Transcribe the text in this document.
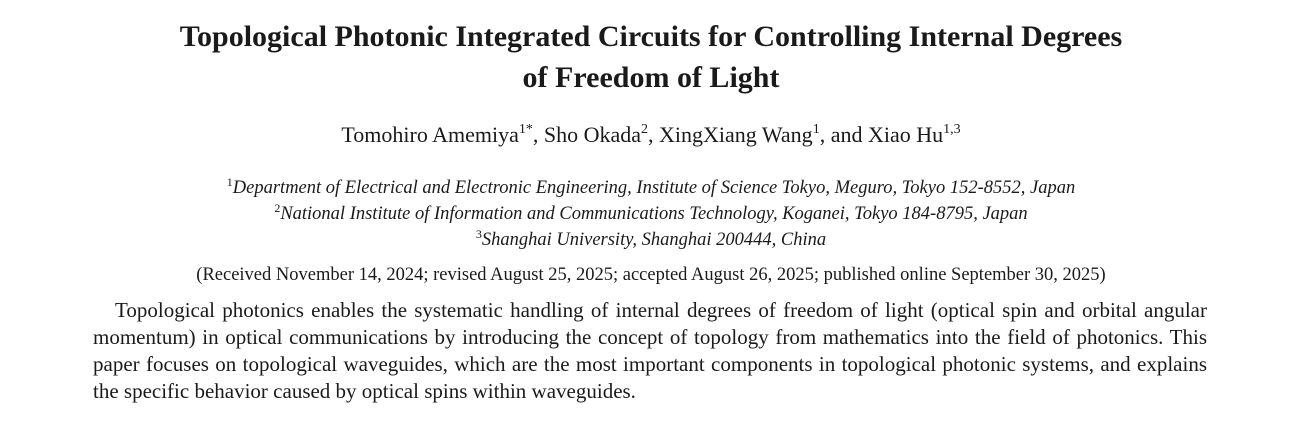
Topological Photonic Integrated Circuits for Controlling Internal Degrees
of Freedom of Light
Tomohiro Amemiya$^{1*}$, Sho Okada$^2$, XingXiang Wang$^1$, and Xiao Hu$^{1,3}$
$^1$Department of Electrical and Electronic Engineering, Institute of Science Tokyo, Meguro, Tokyo 152-8552, Japan
$^2$National Institute of Information and Communications Technology, Koganei, Tokyo 184-8795, Japan
$^3$Shanghai University, Shanghai 200444, China
(Received November 14, 2024; revised August 25, 2025; accepted August 26, 2025; published online September 30, 2025)

Topological photonics enables the systematic handling of internal degrees of freedom of light (optical spin and orbital angular momentum) in optical communications by introducing the concept of topology from mathematics into the field of photonics. This paper focuses on topological waveguides, which are the most important components in topological photonic systems, and explains the specific behavior caused by optical spins within waveguides.
